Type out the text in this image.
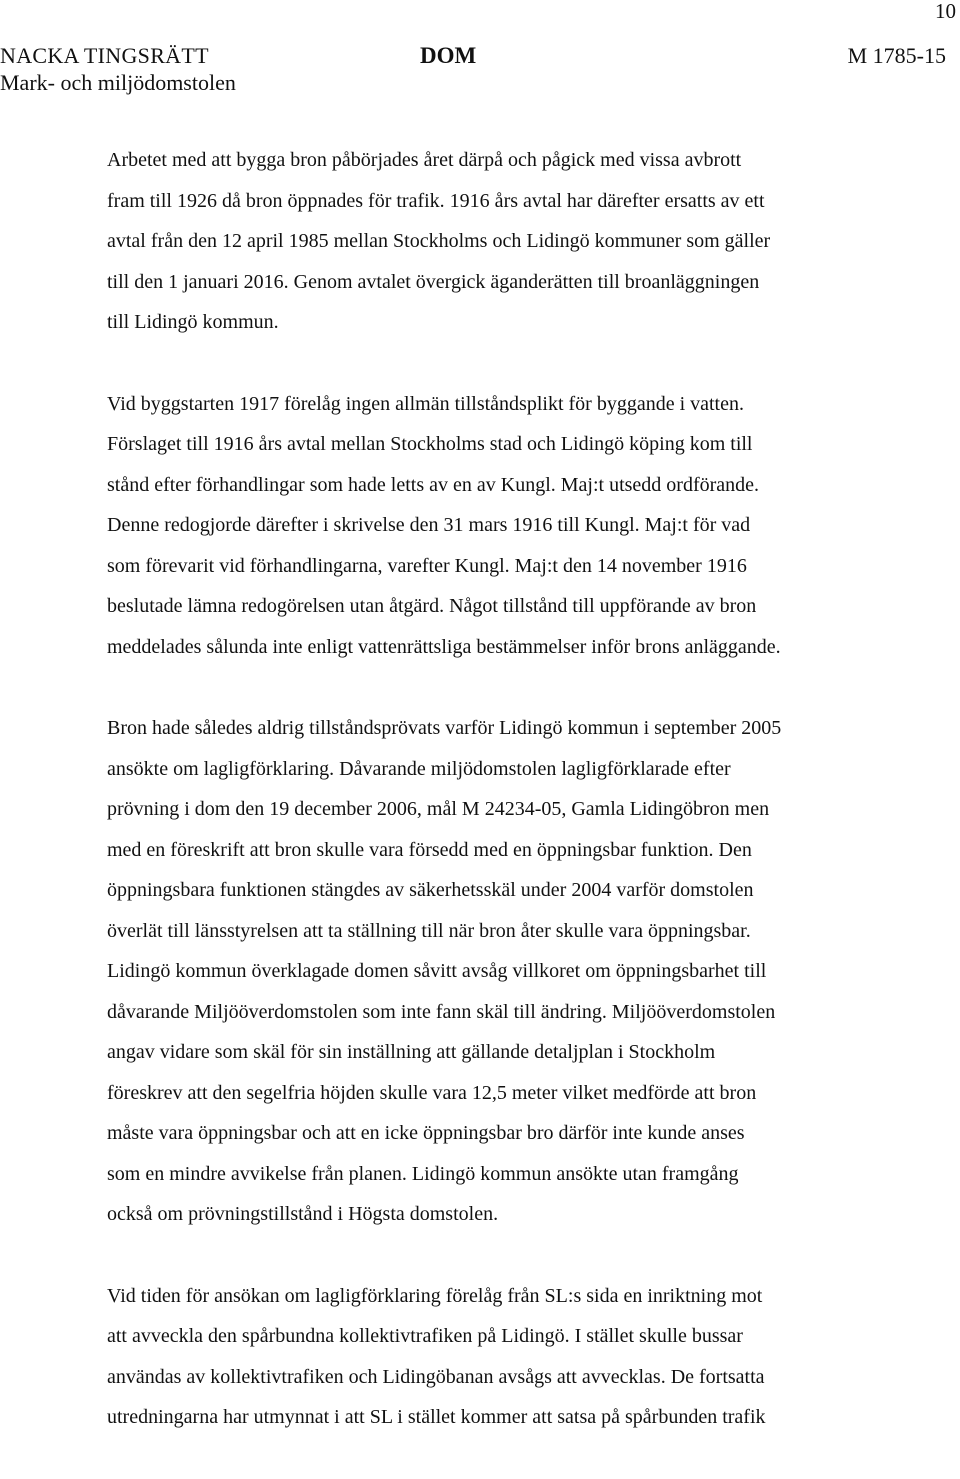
10
NACKA TINGSRÄTT
Mark- och miljödomstolen
DOM	M 1785-15

Arbetet med att bygga bron påbörjades året därpå och pågick med vissa avbrott
fram till 1926 då bron öppnades för trafik. 1916 års avtal har därefter ersatts av ett
avtal från den 12 april 1985 mellan Stockholms och Lidingö kommuner som gäller
till den 1 januari 2016. Genom avtalet övergick äganderätten till broanläggningen
till Lidingö kommun.

Vid byggstarten 1917 förelåg ingen allmän tillståndsplikt för byggande i vatten.
Förslaget till 1916 års avtal mellan Stockholms stad och Lidingö köping kom till
stånd efter förhandlingar som hade letts av en av Kungl. Maj:t utsedd ordförande.
Denne redogjorde därefter i skrivelse den 31 mars 1916 till Kungl. Maj:t för vad
som förevarit vid förhandlingarna, varefter Kungl. Maj:t den 14 november 1916
beslutade lämna redogörelsen utan åtgärd. Något tillstånd till uppförande av bron
meddelades sålunda inte enligt vattenrättsliga bestämmelser inför brons anläggande.

Bron hade således aldrig tillståndsprövats varför Lidingö kommun i september 2005
ansökte om lagligförklaring. Dåvarande miljödomstolen lagligförklarade efter
prövning i dom den 19 december 2006, mål M 24234-05, Gamla Lidingöbron men
med en föreskrift att bron skulle vara försedd med en öppningsbar funktion. Den
öppningsbara funktionen stängdes av säkerhetsskäl under 2004 varför domstolen
överlät till länsstyrelsen att ta ställning till när bron åter skulle vara öppningsbar.
Lidingö kommun överklagade domen såvitt avsåg villkoret om öppningsbarhet till
dåvarande Miljööverdomstolen som inte fann skäl till ändring. Miljööverdomstolen
angav vidare som skäl för sin inställning att gällande detaljplan i Stockholm
föreskrev att den segelfria höjden skulle vara 12,5 meter vilket medförde att bron
måste vara öppningsbar och att en icke öppningsbar bro därför inte kunde anses
som en mindre avvikelse från planen. Lidingö kommun ansökte utan framgång
också om prövningstillstånd i Högsta domstolen.

Vid tiden för ansökan om lagligförklaring förelåg från SL:s sida en inriktning mot
att avveckla den spårbundna kollektivtrafiken på Lidingö. I stället skulle bussar
användas av kollektivtrafiken och Lidingöbanan avsågs att avvecklas. De fortsatta
utredningarna har utmynnat i att SL i stället kommer att satsa på spårbunden trafik
